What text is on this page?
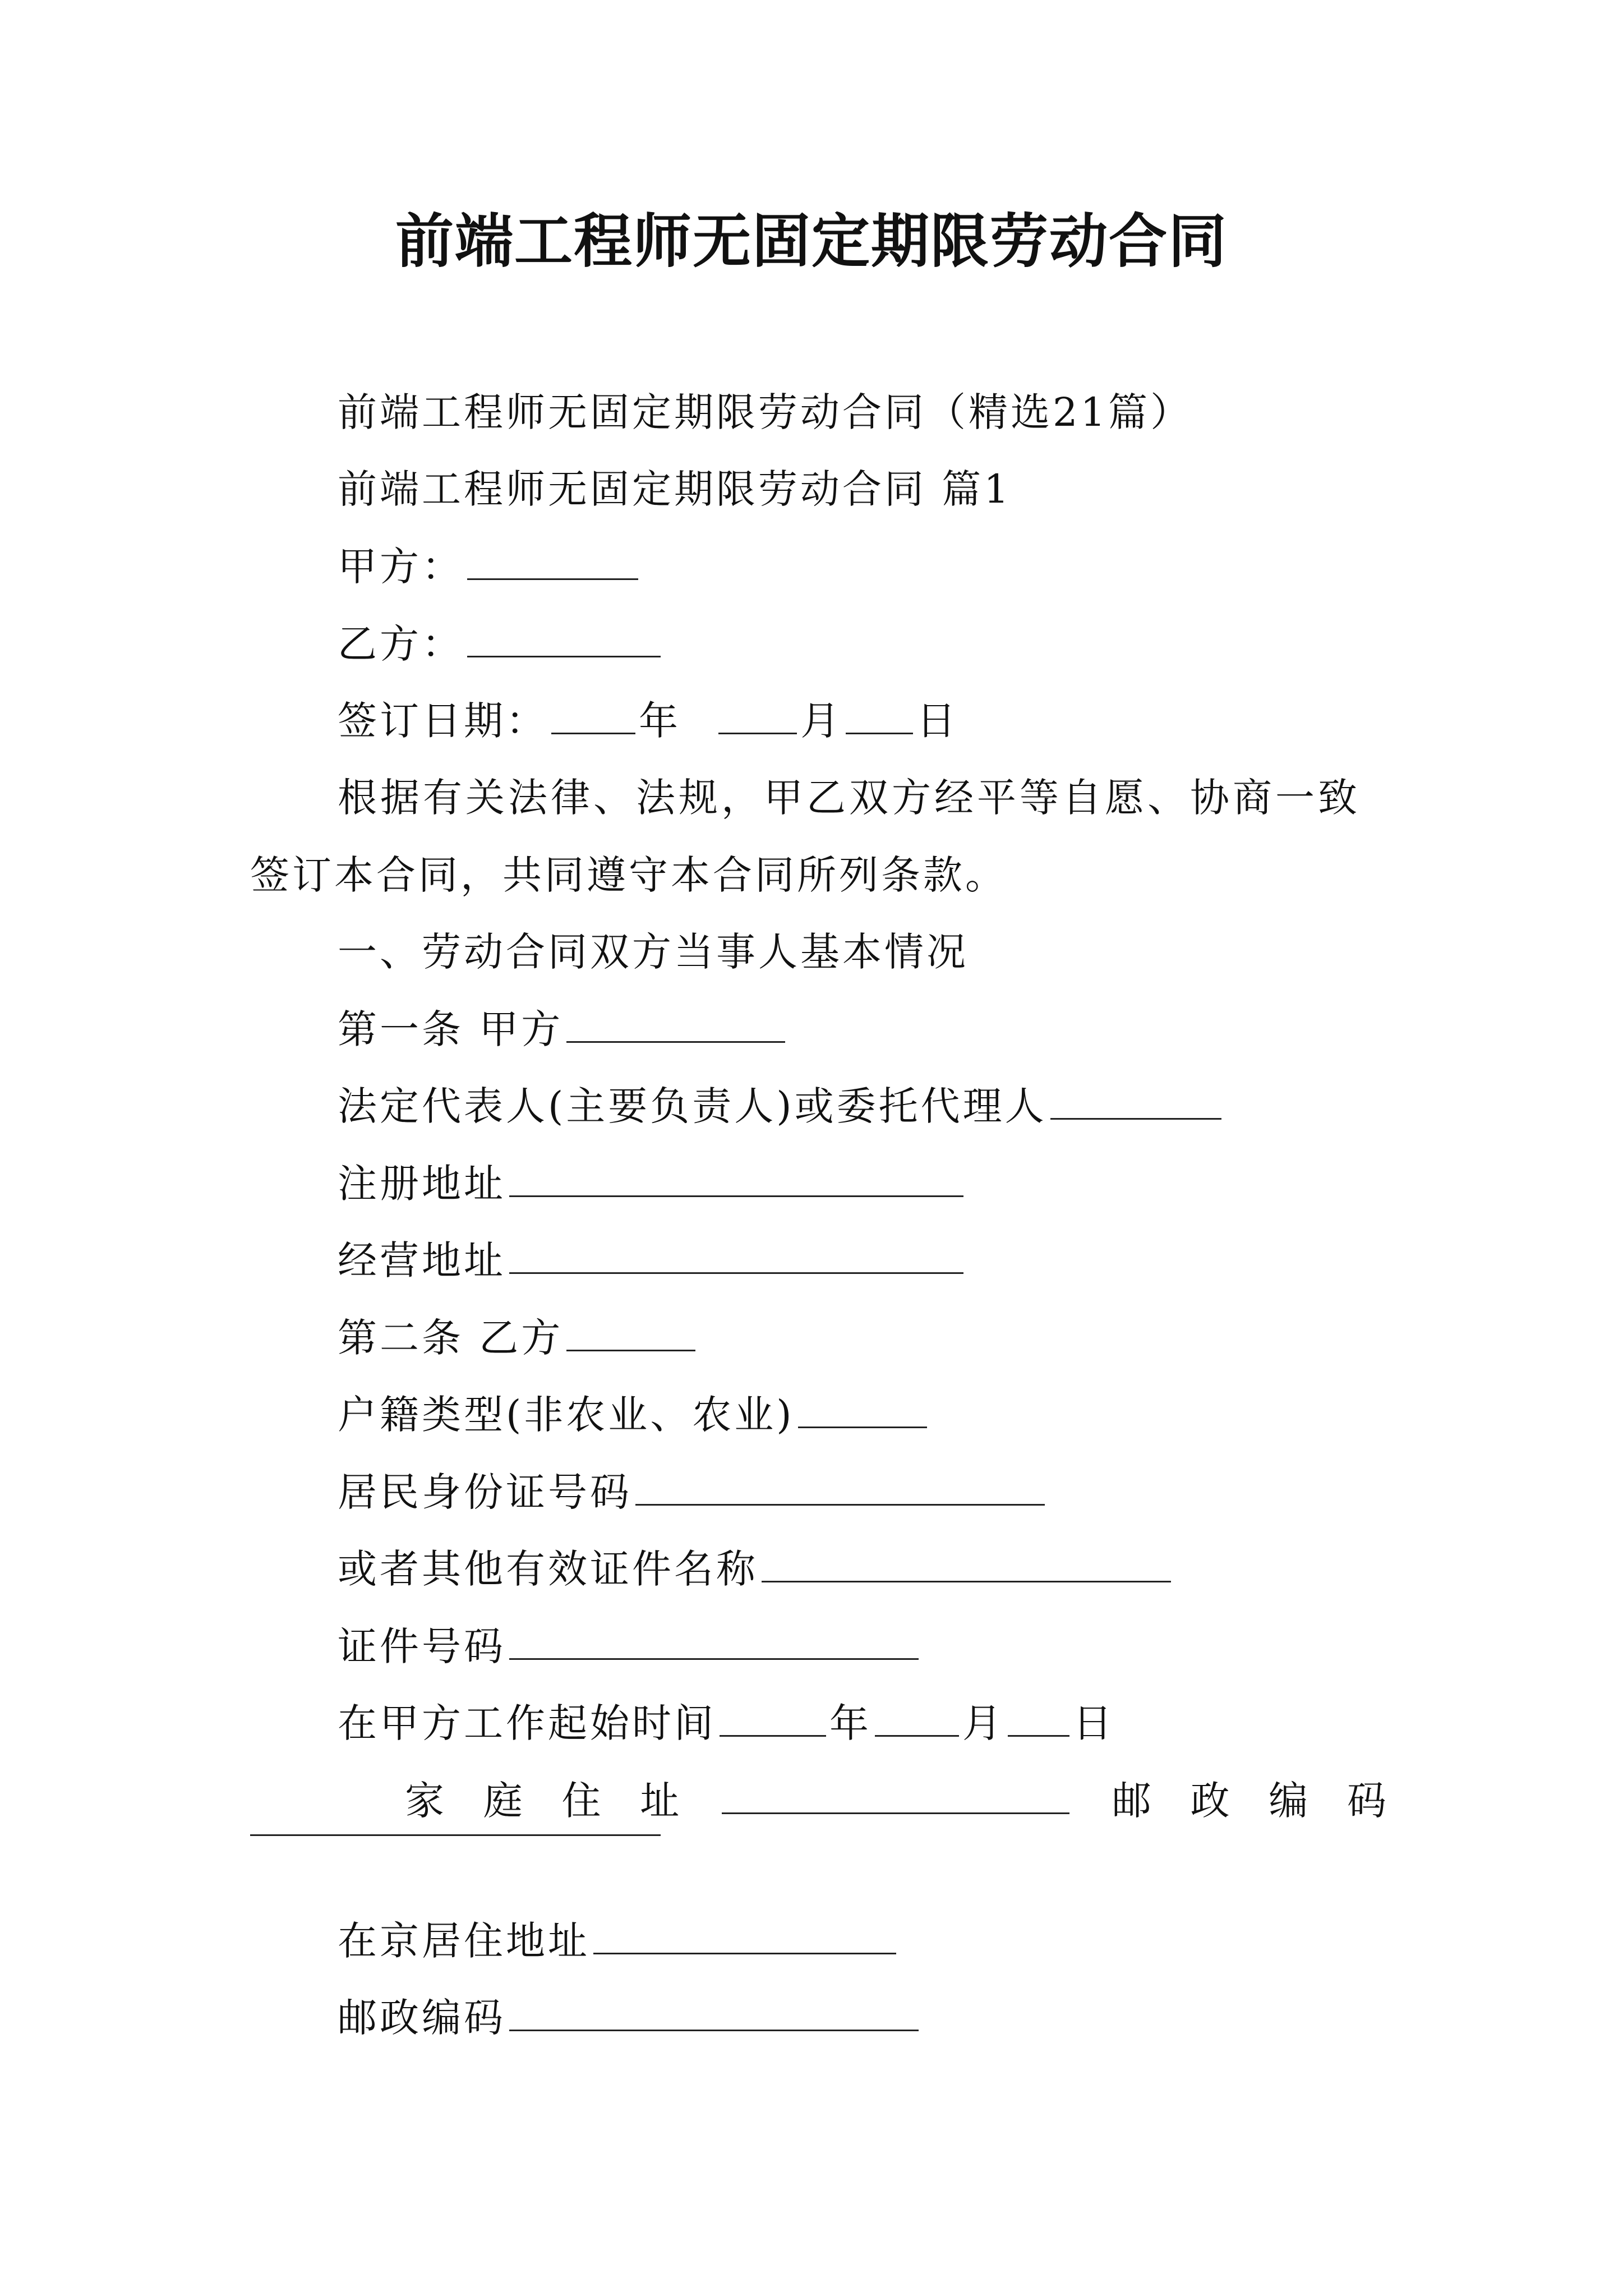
前端工程师无固定期限劳动合同
前端工程师无固定期限劳动合同（精选21篇）
前端工程师无固定期限劳动合同 篇1
甲方：
乙方：
签订日期： 年	月 日
根据有关法律、法规，甲乙双方经平等自愿、协商一致
签订本合同，共同遵守本合同所列条款。
一、劳动合同双方当事人基本情况
第一条 甲方
法定代表人(主要负责人)或委托代理人
注册地址
经营地址
第二条 乙方
户籍类型(非农业、农业)
居民身份证号码
或者其他有效证件名称
证件号码
在甲方工作起始时间	年 月 日
家 庭 住 址	邮 政 编 码
在京居住地址
邮政编码
